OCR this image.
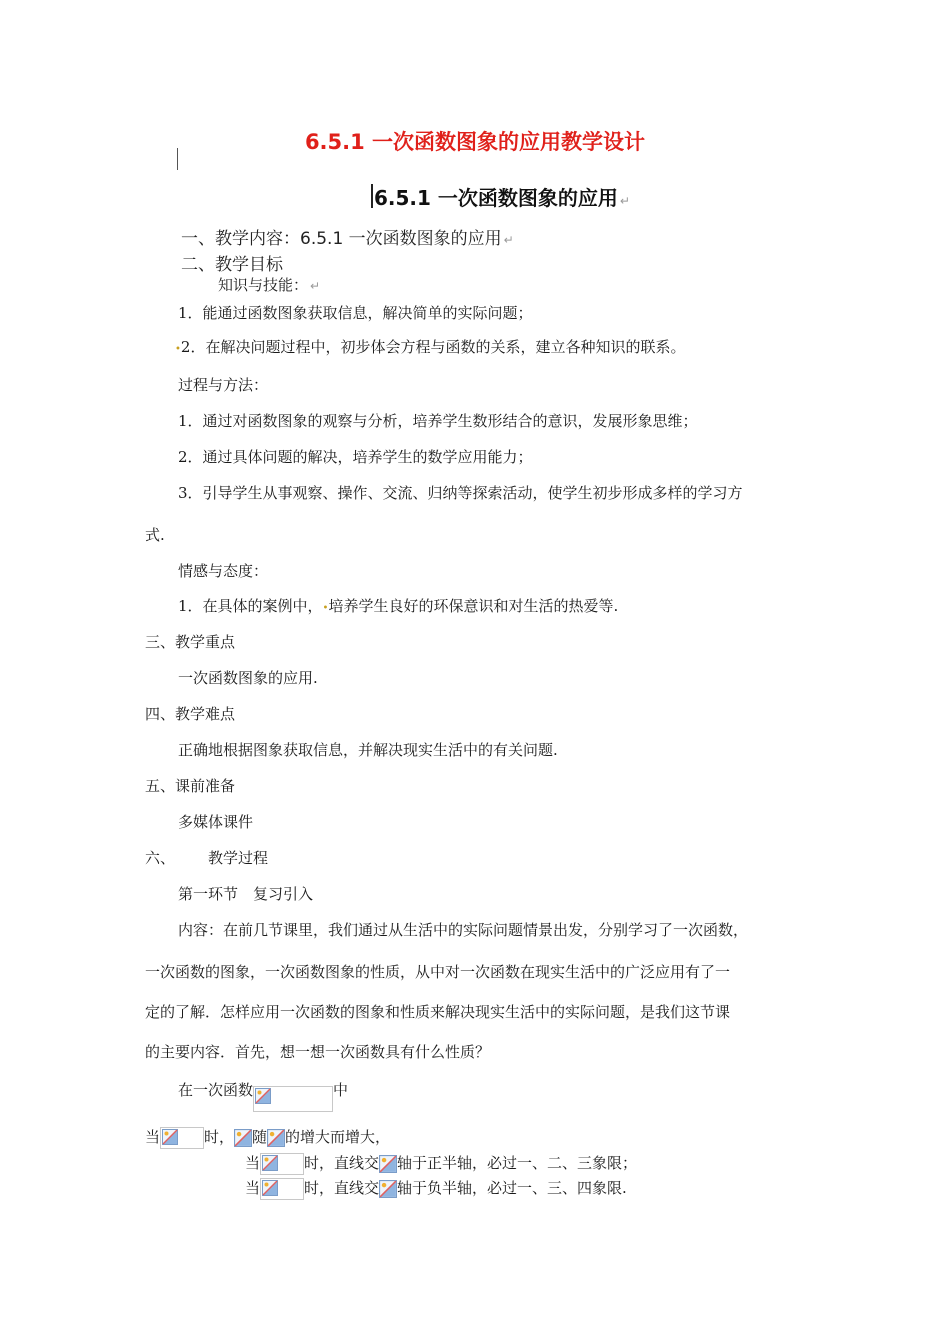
6.5.1 一次函数图象的应用教学设计
6.5.1 一次函数图象的应用 ↵
一、教学内容：6.5.1 一次函数图象的应用 ↵
二、教学目标
知识与技能： ↵
1．能通过函数图象获取信息，解决简单的实际问题；
•2．在解决问题过程中，初步体会方程与函数的关系，建立各种知识的联系。
过程与方法：
1．通过对函数图象的观察与分析，培养学生数形结合的意识，发展形象思维；
2．通过具体问题的解决，培养学生的数学应用能力；
3．引导学生从事观察、操作、交流、归纳等探索活动，使学生初步形成多样的学习方
式.
情感与态度：
1．在具体的案例中，•培养学生良好的环保意识和对生活的热爱等.
三、教学重点
一次函数图象的应用.
四、教学难点
正确地根据图象获取信息，并解决现实生活中的有关问题.
五、课前准备
多媒体课件
六、 教学过程
第一环节　复习引入
内容：在前几节课里，我们通过从生活中的实际问题情景出发，分别学习了一次函数，
一次函数的图象，一次函数图象的性质，从中对一次函数在现实生活中的广泛应用有了一
定的了解．怎样应用一次函数的图象和性质来解决现实生活中的实际问题，是我们这节课
的主要内容．首先，想一想一次函数具有什么性质？
在一次函数	中
当	时， 随 的增大而增大，
当	时，直线交 轴于正半轴，必过一、二、三象限；
当	时，直线交 轴于负半轴，必过一、三、四象限.
